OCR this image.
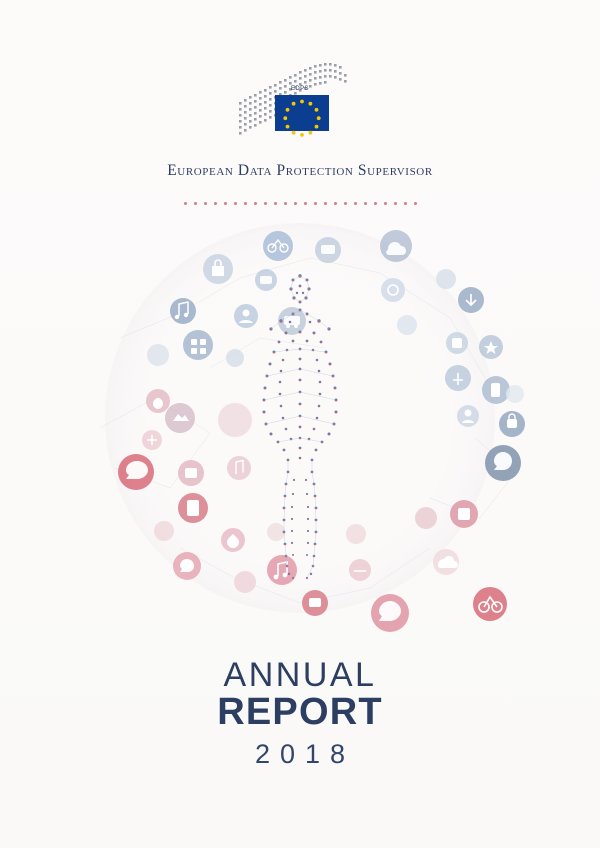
EDPS
European Data Protection Supervisor
ANNUAL
REPORT
2018
